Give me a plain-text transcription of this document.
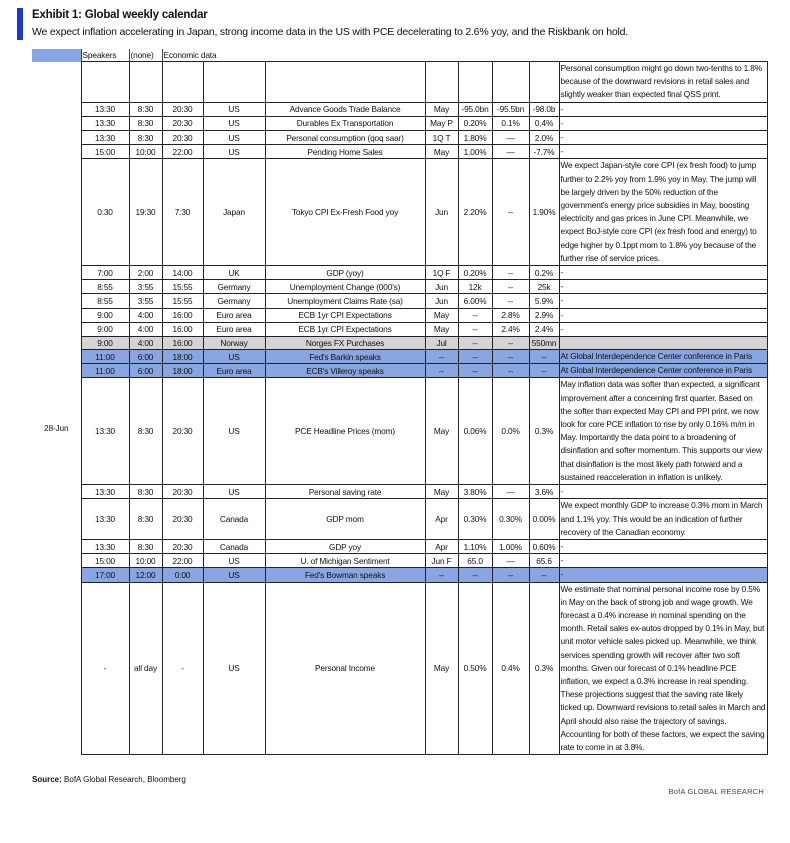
Exhibit 1: Global weekly calendar
We expect inflation accelerating in Japan, strong income data in the US with PCE decelerating to 2.6% yoy, and the Riskbank on hold.
	Speakers	(none)	Economic data							
										Personal consumption might go down two-tenths to 1.8% because of the downward revisions in retail sales and slightly weaker than expected final QSS print.
28-Jun	13:30	8:30	20:30	US	Advance Goods Trade Balance	May	-95.0bn	-95.5bn	-98.0b	-
	13:30	8:30	20:30	US	Durables Ex Transportation	May P	0.20%	0.1%	0.4%	-
	13:30	8:30	20:30	US	Personal consumption (qoq saar)	1Q T	1.80%	—	2.0%	-
	15:00	10:00	22:00	US	Pending Home Sales	May	1.00%	—	-7.7%	-
	0:30	19:30	7:30	Japan	Tokyo CPI Ex-Fresh Food yoy	Jun	2.20%	--	1.90%	We expect Japan-style core CPI (ex fresh food) to jump further to 2.2% yoy from 1.9% yoy in May. The jump will be largely driven by the 50% reduction of the government's energy price subsidies in May, boosting electricity and gas prices in June CPI. Meanwhile, we expect BoJ-style core CPI (ex fresh food and energy) to edge higher by 0.1ppt mom to 1.8% yoy because of the further rise of service prices.
	7:00	2:00	14:00	UK	GDP (yoy)	1Q F	0.20%	--	0.2%	-
	8:55	3:55	15:55	Germany	Unemployment Change (000's)	Jun	12k	--	25k	-
	8:55	3:55	15:55	Germany	Unemployment Claims Rate (sa)	Jun	6.00%	--	5.9%	-
	9:00	4:00	16:00	Euro area	ECB 1yr CPI Expectations	May	--	2.8%	2.9%	-
	9:00	4:00	16:00	Euro area	ECB 1yr CPI Expectations	May	--	2.4%	2.4%	-
	9:00	4:00	16:00	Norway	Norges FX Purchases	Jul	--	--	550mn	
	11:00	6:00	18:00	US	Fed's Barkin speaks	--	--	--	--	At Global Interdependence Center conference in Paris
	11:00	6:00	18:00	Euro area	ECB's Villeroy speaks	--	--	--	--	At Global Interdependence Center conference in Paris
	13:30	8:30	20:30	US	PCE Headline Prices (mom)	May	0.06%	0.0%	0.3%	May inflation data was softer than expected, a significant improvement after a concerning first quarter. Based on the softer than expected May CPI and PPI print, we now look for core PCE inflation to rise by only 0.16% m/m in May. Importantly the data point to a broadening of disinflation and softer momentum. This supports our view that disinflation is the most likely path forward and a sustained reacceleration in inflation is unlikely.
	13:30	8:30	20:30	US	Personal saving rate	May	3.80%	—	3.6%	-
	13:30	8:30	20:30	Canada	GDP mom	Apr	0.30%	0.30%	0.00%	We expect monthly GDP to increase 0.3% mom in March and 1.1% yoy. This would be an indication of further recovery of the Canadian economy.
	13:30	8:30	20:30	Canada	GDP yoy	Apr	1.10%	1.00%	0.60%	-
	15:00	10:00	22:00	US	U. of Michigan Sentiment	Jun F	65.0	—	65.6	-
	17:00	12:00	0:00	US	Fed's Bowman speaks	--	--	--	--	-
	-	all day	-	US	Personal Income	May	0.50%	0.4%	0.3%	We estimate that nominal personal income rose by 0.5% in May on the back of strong job and wage growth. We forecast a 0.4% increase in nominal spending on the month. Retail sales ex-autos dropped by 0.1% in May, but unit motor vehicle sales picked up. Meanwhile, we think services spending growth will recover after two soft months. Given our forecast of 0.1% headline PCE inflation, we expect a 0.3% increase in real spending. These projections suggest that the saving rate likely ticked up. Downward revisions to retail sales in March and April should also raise the trajectory of savings. Accounting for both of these factors, we expect the saving rate to come in at 3.8%.
Source: BofA Global Research, Bloomberg
BofA GLOBAL RESEARCH
